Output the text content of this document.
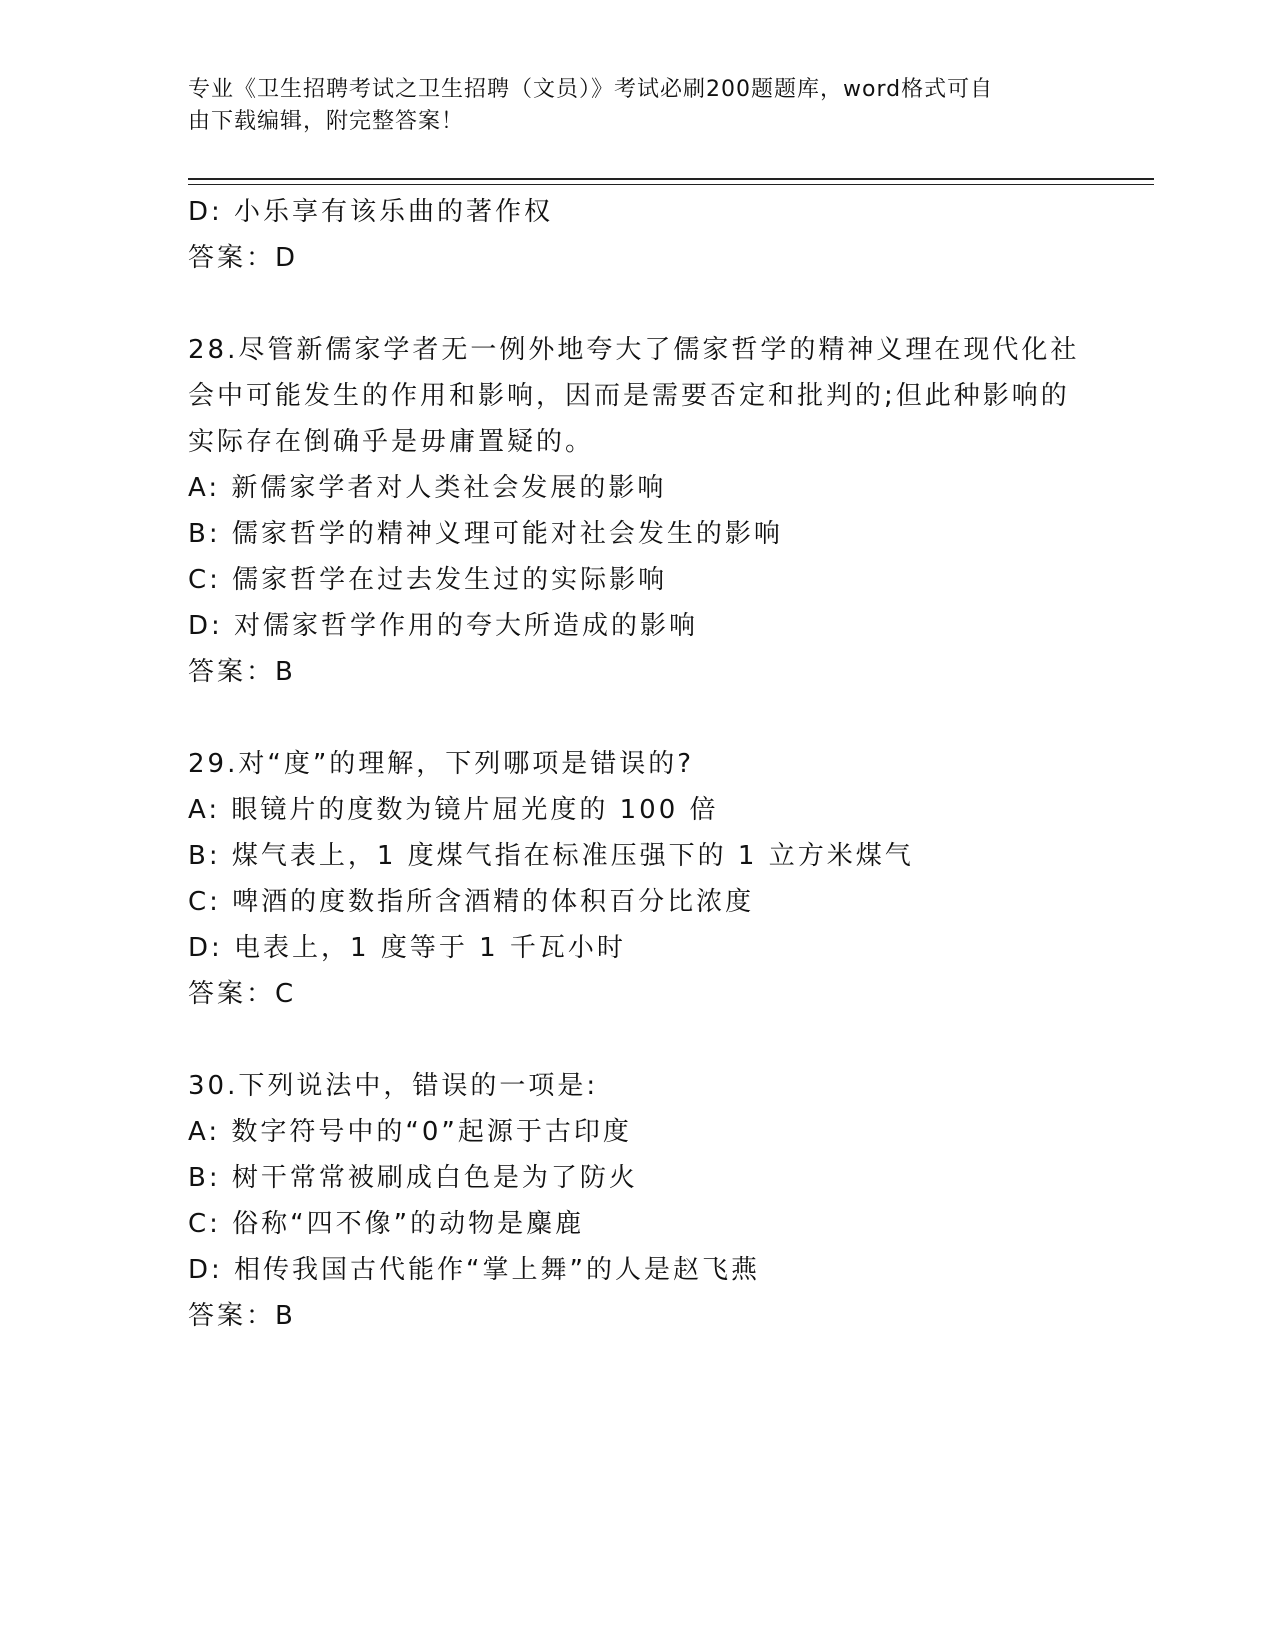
专业《卫生招聘考试之卫生招聘（文员）》考试必刷200题题库，word格式可自
由下载编辑，附完整答案！
D: 小乐享有该乐曲的著作权
答案：D
28.尽管新儒家学者无一例外地夸大了儒家哲学的精神义理在现代化社
会中可能发生的作用和影响，因而是需要否定和批判的;但此种影响的
实际存在倒确乎是毋庸置疑的。
A: 新儒家学者对人类社会发展的影响
B: 儒家哲学的精神义理可能对社会发生的影响
C: 儒家哲学在过去发生过的实际影响
D: 对儒家哲学作用的夸大所造成的影响
答案：B
29.对“度”的理解，下列哪项是错误的?
A: 眼镜片的度数为镜片屈光度的 100 倍
B: 煤气表上，1 度煤气指在标准压强下的 1 立方米煤气
C: 啤酒的度数指所含酒精的体积百分比浓度
D: 电表上，1 度等于 1 千瓦小时
答案：C
30.下列说法中，错误的一项是:
A: 数字符号中的“0”起源于古印度
B: 树干常常被刷成白色是为了防火
C: 俗称“四不像”的动物是麋鹿
D: 相传我国古代能作“掌上舞”的人是赵飞燕
答案：B
